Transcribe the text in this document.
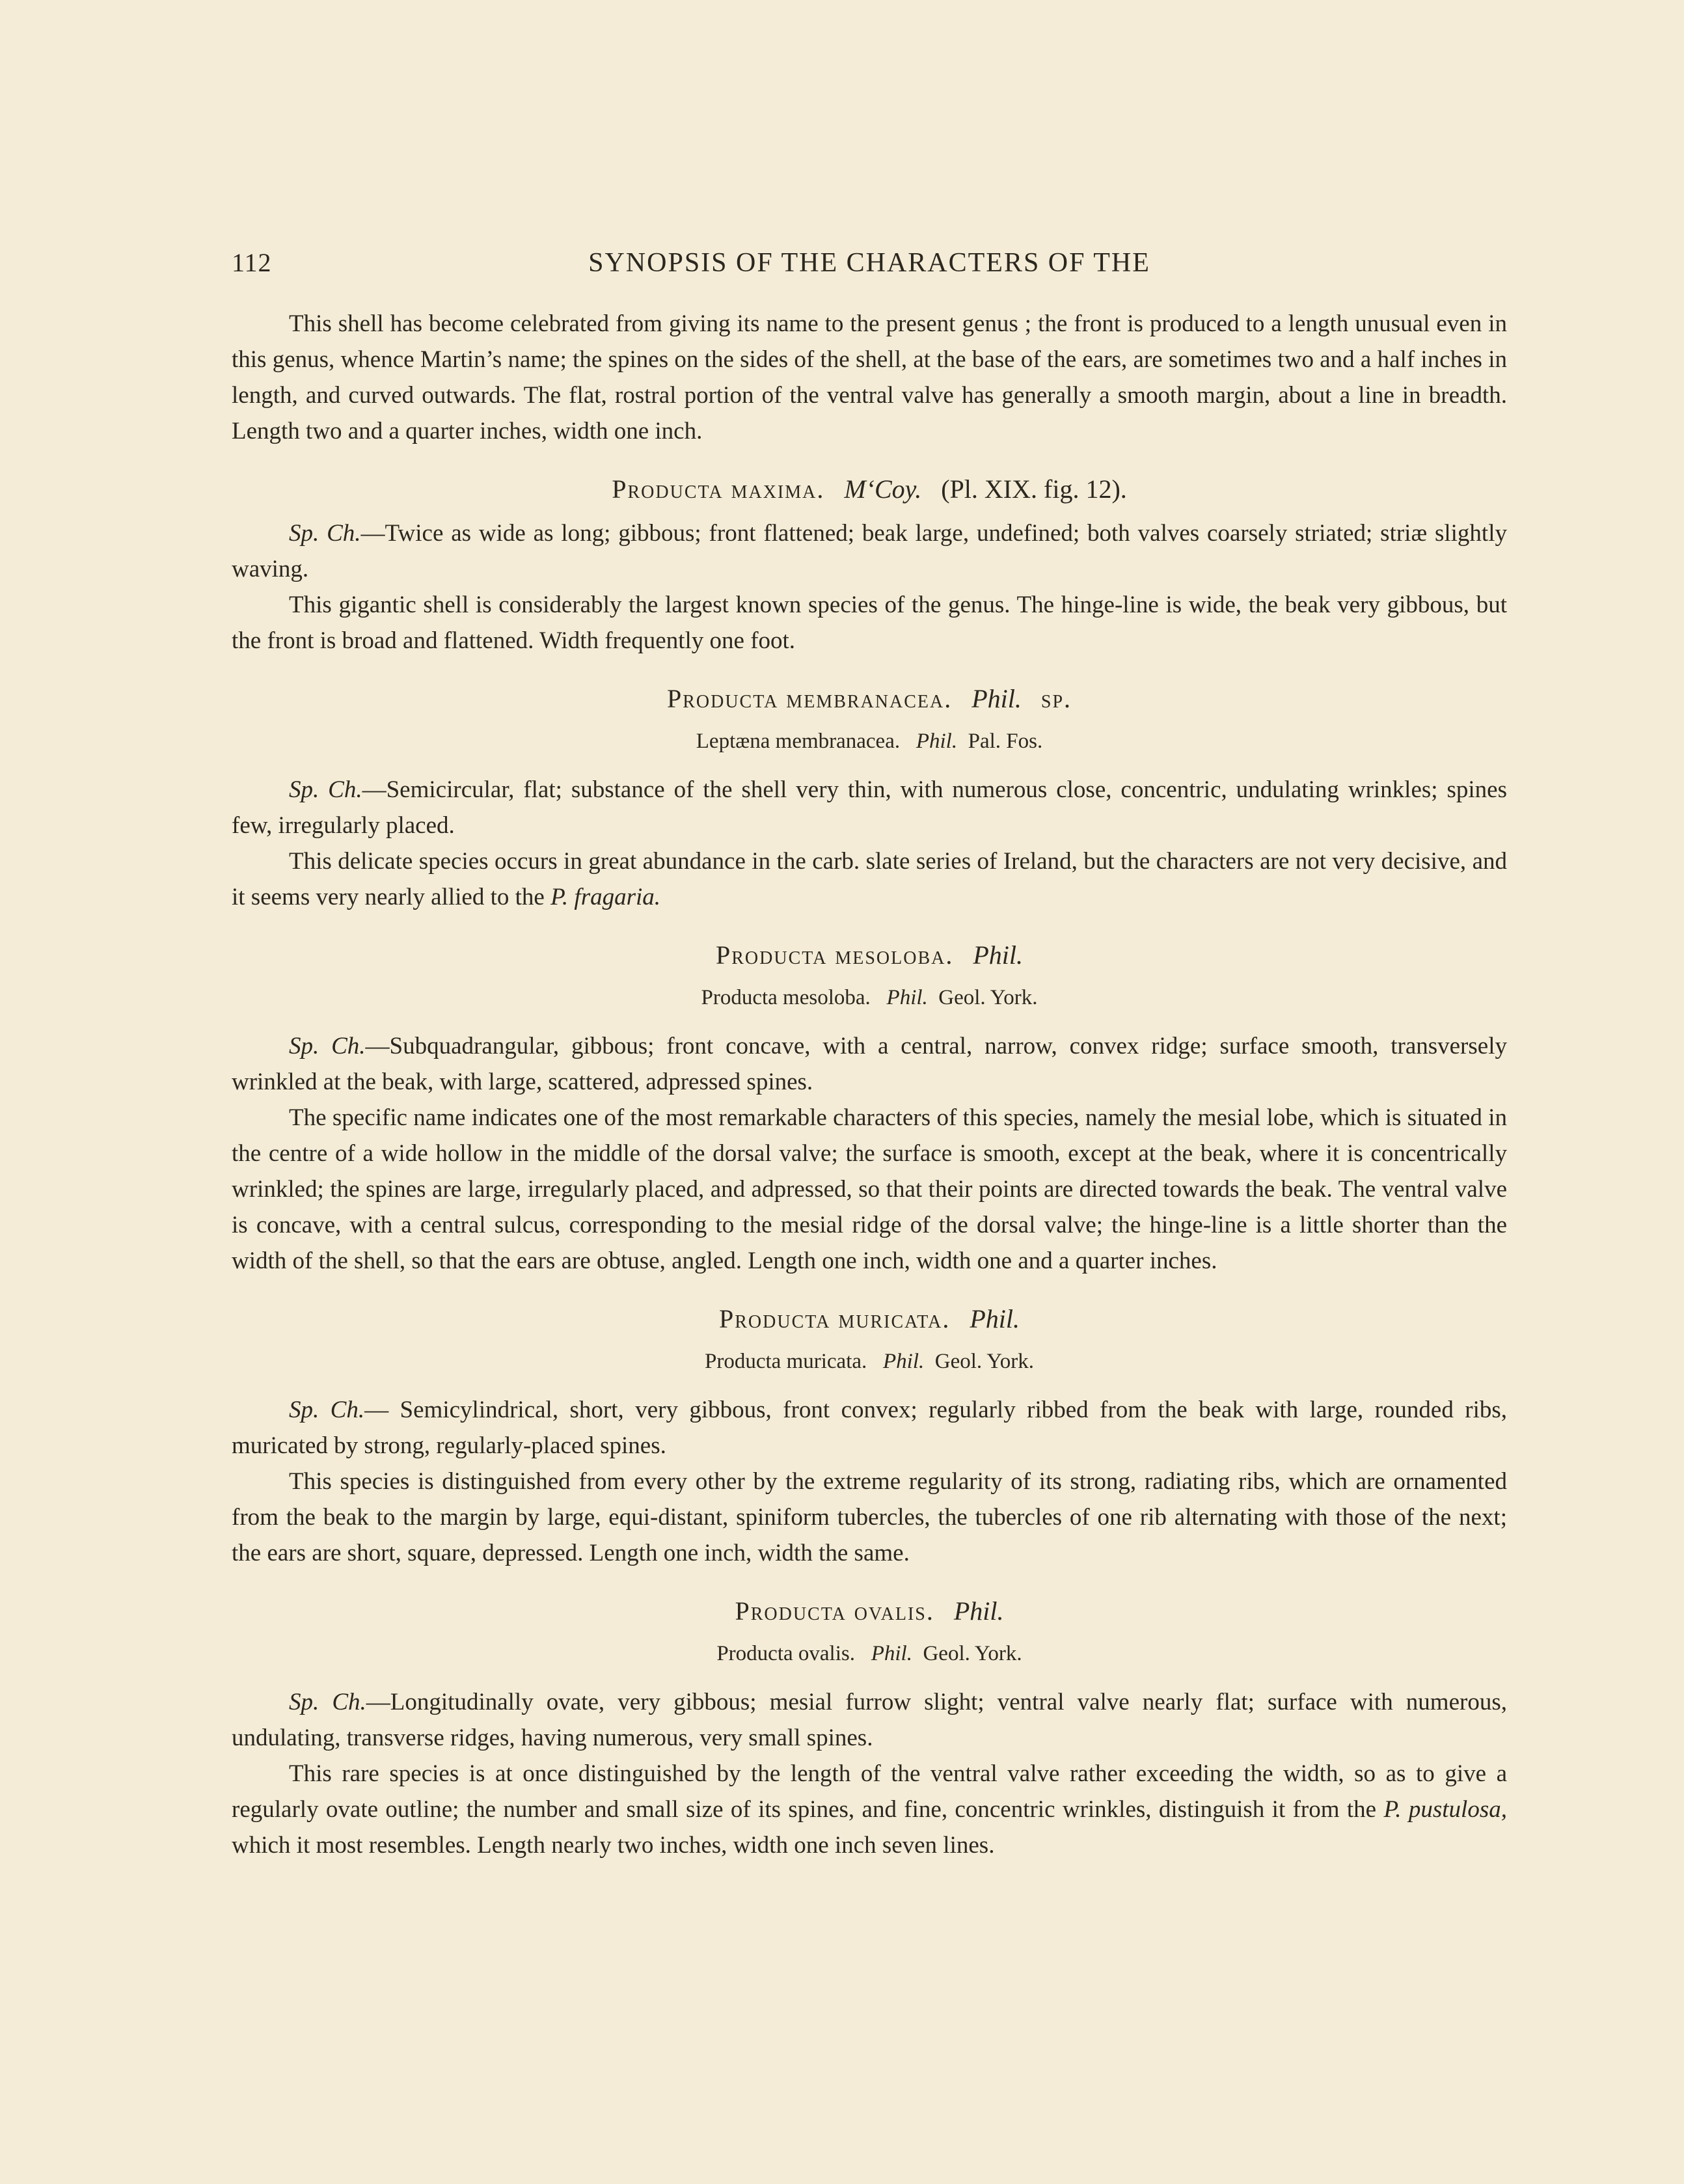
112	SYNOPSIS OF THE CHARACTERS OF THE

This shell has become celebrated from giving its name to the present genus ; the front is produced to a length unusual even in this genus, whence Martin’s name; the spines on the sides of the shell, at the base of the ears, are sometimes two and a half inches in length, and curved outwards. The flat, rostral portion of the ventral valve has generally a smooth margin, about a line in breadth. Length two and a quarter inches, width one inch.

Producta maxima. M‘Coy. (Pl. XIX. fig. 12).

Sp. Ch.—Twice as wide as long; gibbous; front flattened; beak large, undefined; both valves coarsely striated; striæ slightly waving.

This gigantic shell is considerably the largest known species of the genus. The hinge-line is wide, the beak very gibbous, but the front is broad and flattened. Width frequently one foot.

Producta membranacea. Phil. sp.
Leptæna membranacea. Phil. Pal. Fos.

Sp. Ch.—Semicircular, flat; substance of the shell very thin, with numerous close, concentric, undulating wrinkles; spines few, irregularly placed.

This delicate species occurs in great abundance in the carb. slate series of Ireland, but the characters are not very decisive, and it seems very nearly allied to the P. fragaria.

Producta mesoloba. Phil.
Producta mesoloba. Phil. Geol. York.

Sp. Ch.—Subquadrangular, gibbous; front concave, with a central, narrow, convex ridge; surface smooth, transversely wrinkled at the beak, with large, scattered, adpressed spines.

The specific name indicates one of the most remarkable characters of this species, namely the mesial lobe, which is situated in the centre of a wide hollow in the middle of the dorsal valve; the surface is smooth, except at the beak, where it is concentrically wrinkled; the spines are large, irregularly placed, and adpressed, so that their points are directed towards the beak. The ventral valve is concave, with a central sulcus, corresponding to the mesial ridge of the dorsal valve; the hinge-line is a little shorter than the width of the shell, so that the ears are obtuse, angled. Length one inch, width one and a quarter inches.

Producta muricata. Phil.
Producta muricata. Phil. Geol. York.

Sp. Ch.— Semicylindrical, short, very gibbous, front convex; regularly ribbed from the beak with large, rounded ribs, muricated by strong, regularly-placed spines.

This species is distinguished from every other by the extreme regularity of its strong, radiating ribs, which are ornamented from the beak to the margin by large, equi-distant, spiniform tubercles, the tubercles of one rib alternating with those of the next; the ears are short, square, depressed. Length one inch, width the same.

Producta ovalis. Phil.
Producta ovalis. Phil. Geol. York.

Sp. Ch.—Longitudinally ovate, very gibbous; mesial furrow slight; ventral valve nearly flat; surface with numerous, undulating, transverse ridges, having numerous, very small spines.

This rare species is at once distinguished by the length of the ventral valve rather exceeding the width, so as to give a regularly ovate outline; the number and small size of its spines, and fine, concentric wrinkles, distinguish it from the P. pustulosa, which it most resembles. Length nearly two inches, width one inch seven lines.
